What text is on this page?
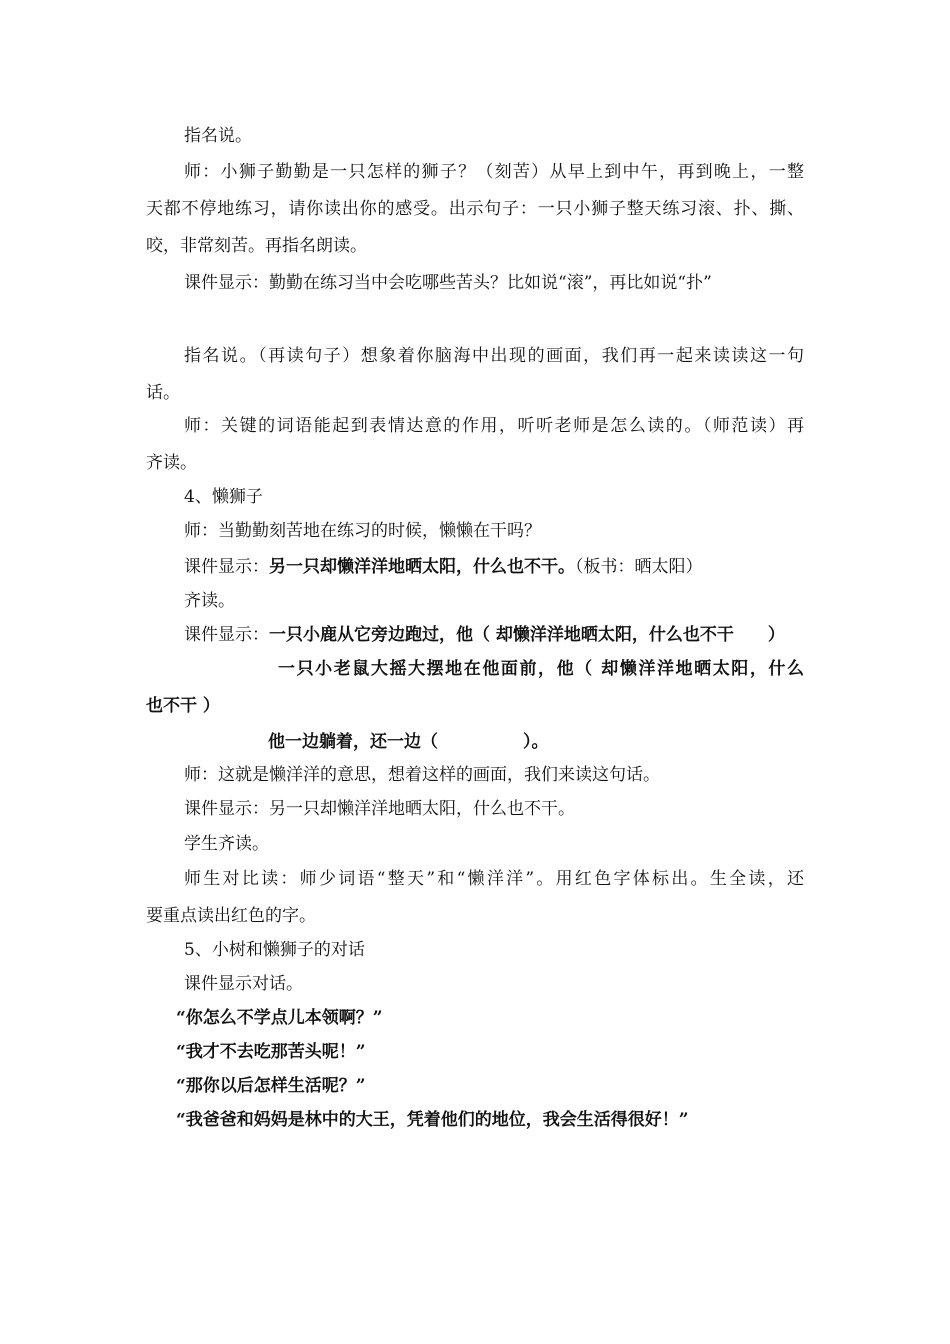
指名说。
师：小狮子勤勤是一只怎样的狮子？（刻苦）从早上到中午，再到晚上，一整
天都不停地练习，请你读出你的感受。出示句子：一只小狮子整天练习滚、扑、撕、
咬，非常刻苦。再指名朗读。
课件显示：勤勤在练习当中会吃哪些苦头？比如说“滚”，再比如说“扑”
指名说。（再读句子）想象着你脑海中出现的画面，我们再一起来读读这一句
话。
师：关键的词语能起到表情达意的作用，听听老师是怎么读的。（师范读）再
齐读。
4、懒狮子
师：当勤勤刻苦地在练习的时候，懒懒在干吗？
课件显示：另一只却懒洋洋地晒太阳，什么也不干。（板书：晒太阳）
齐读。
课件显示：一只小鹿从它旁边跑过，他（ 却懒洋洋地晒太阳，什么也不干　　）
一只小老鼠大摇大摆地在他面前，他（ 却懒洋洋地晒太阳，什么
也不干 ）
他一边躺着，还一边（　　　　　）。
师：这就是懒洋洋的意思，想着这样的画面，我们来读这句话。
课件显示：另一只却懒洋洋地晒太阳，什么也不干。
学生齐读。
师生对比读：师少词语“整天”和“懒洋洋”。用红色字体标出。生全读，还
要重点读出红色的字。
5、小树和懒狮子的对话
课件显示对话。
“你怎么不学点儿本领啊？”
“我才不去吃那苦头呢！”
“那你以后怎样生活呢？”
“我爸爸和妈妈是林中的大王，凭着他们的地位，我会生活得很好！”
